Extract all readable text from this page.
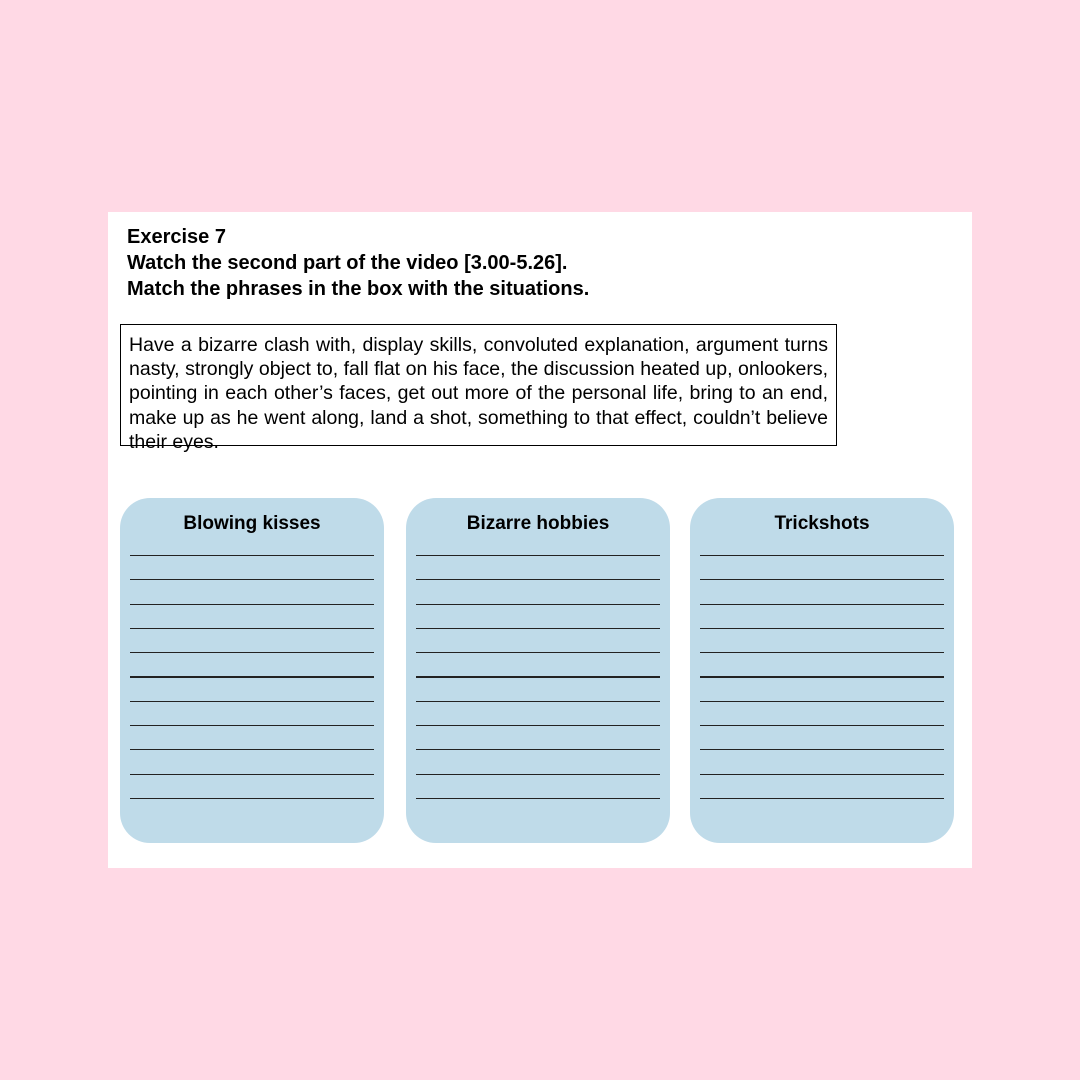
Exercise 7
Watch the second part of the video [3.00-5.26].
Match the phrases in the box with the situations.
Have a bizarre clash with, display skills, convoluted explanation, argument turns nasty, strongly object to, fall flat on his face, the discussion heated up, onlookers, pointing in each other’s faces, get out more of the personal life, bring to an end, make up as he went along, land a shot, something to that effect, couldn’t believe their eyes.
Blowing kisses	Bizarre hobbies	Trickshots
